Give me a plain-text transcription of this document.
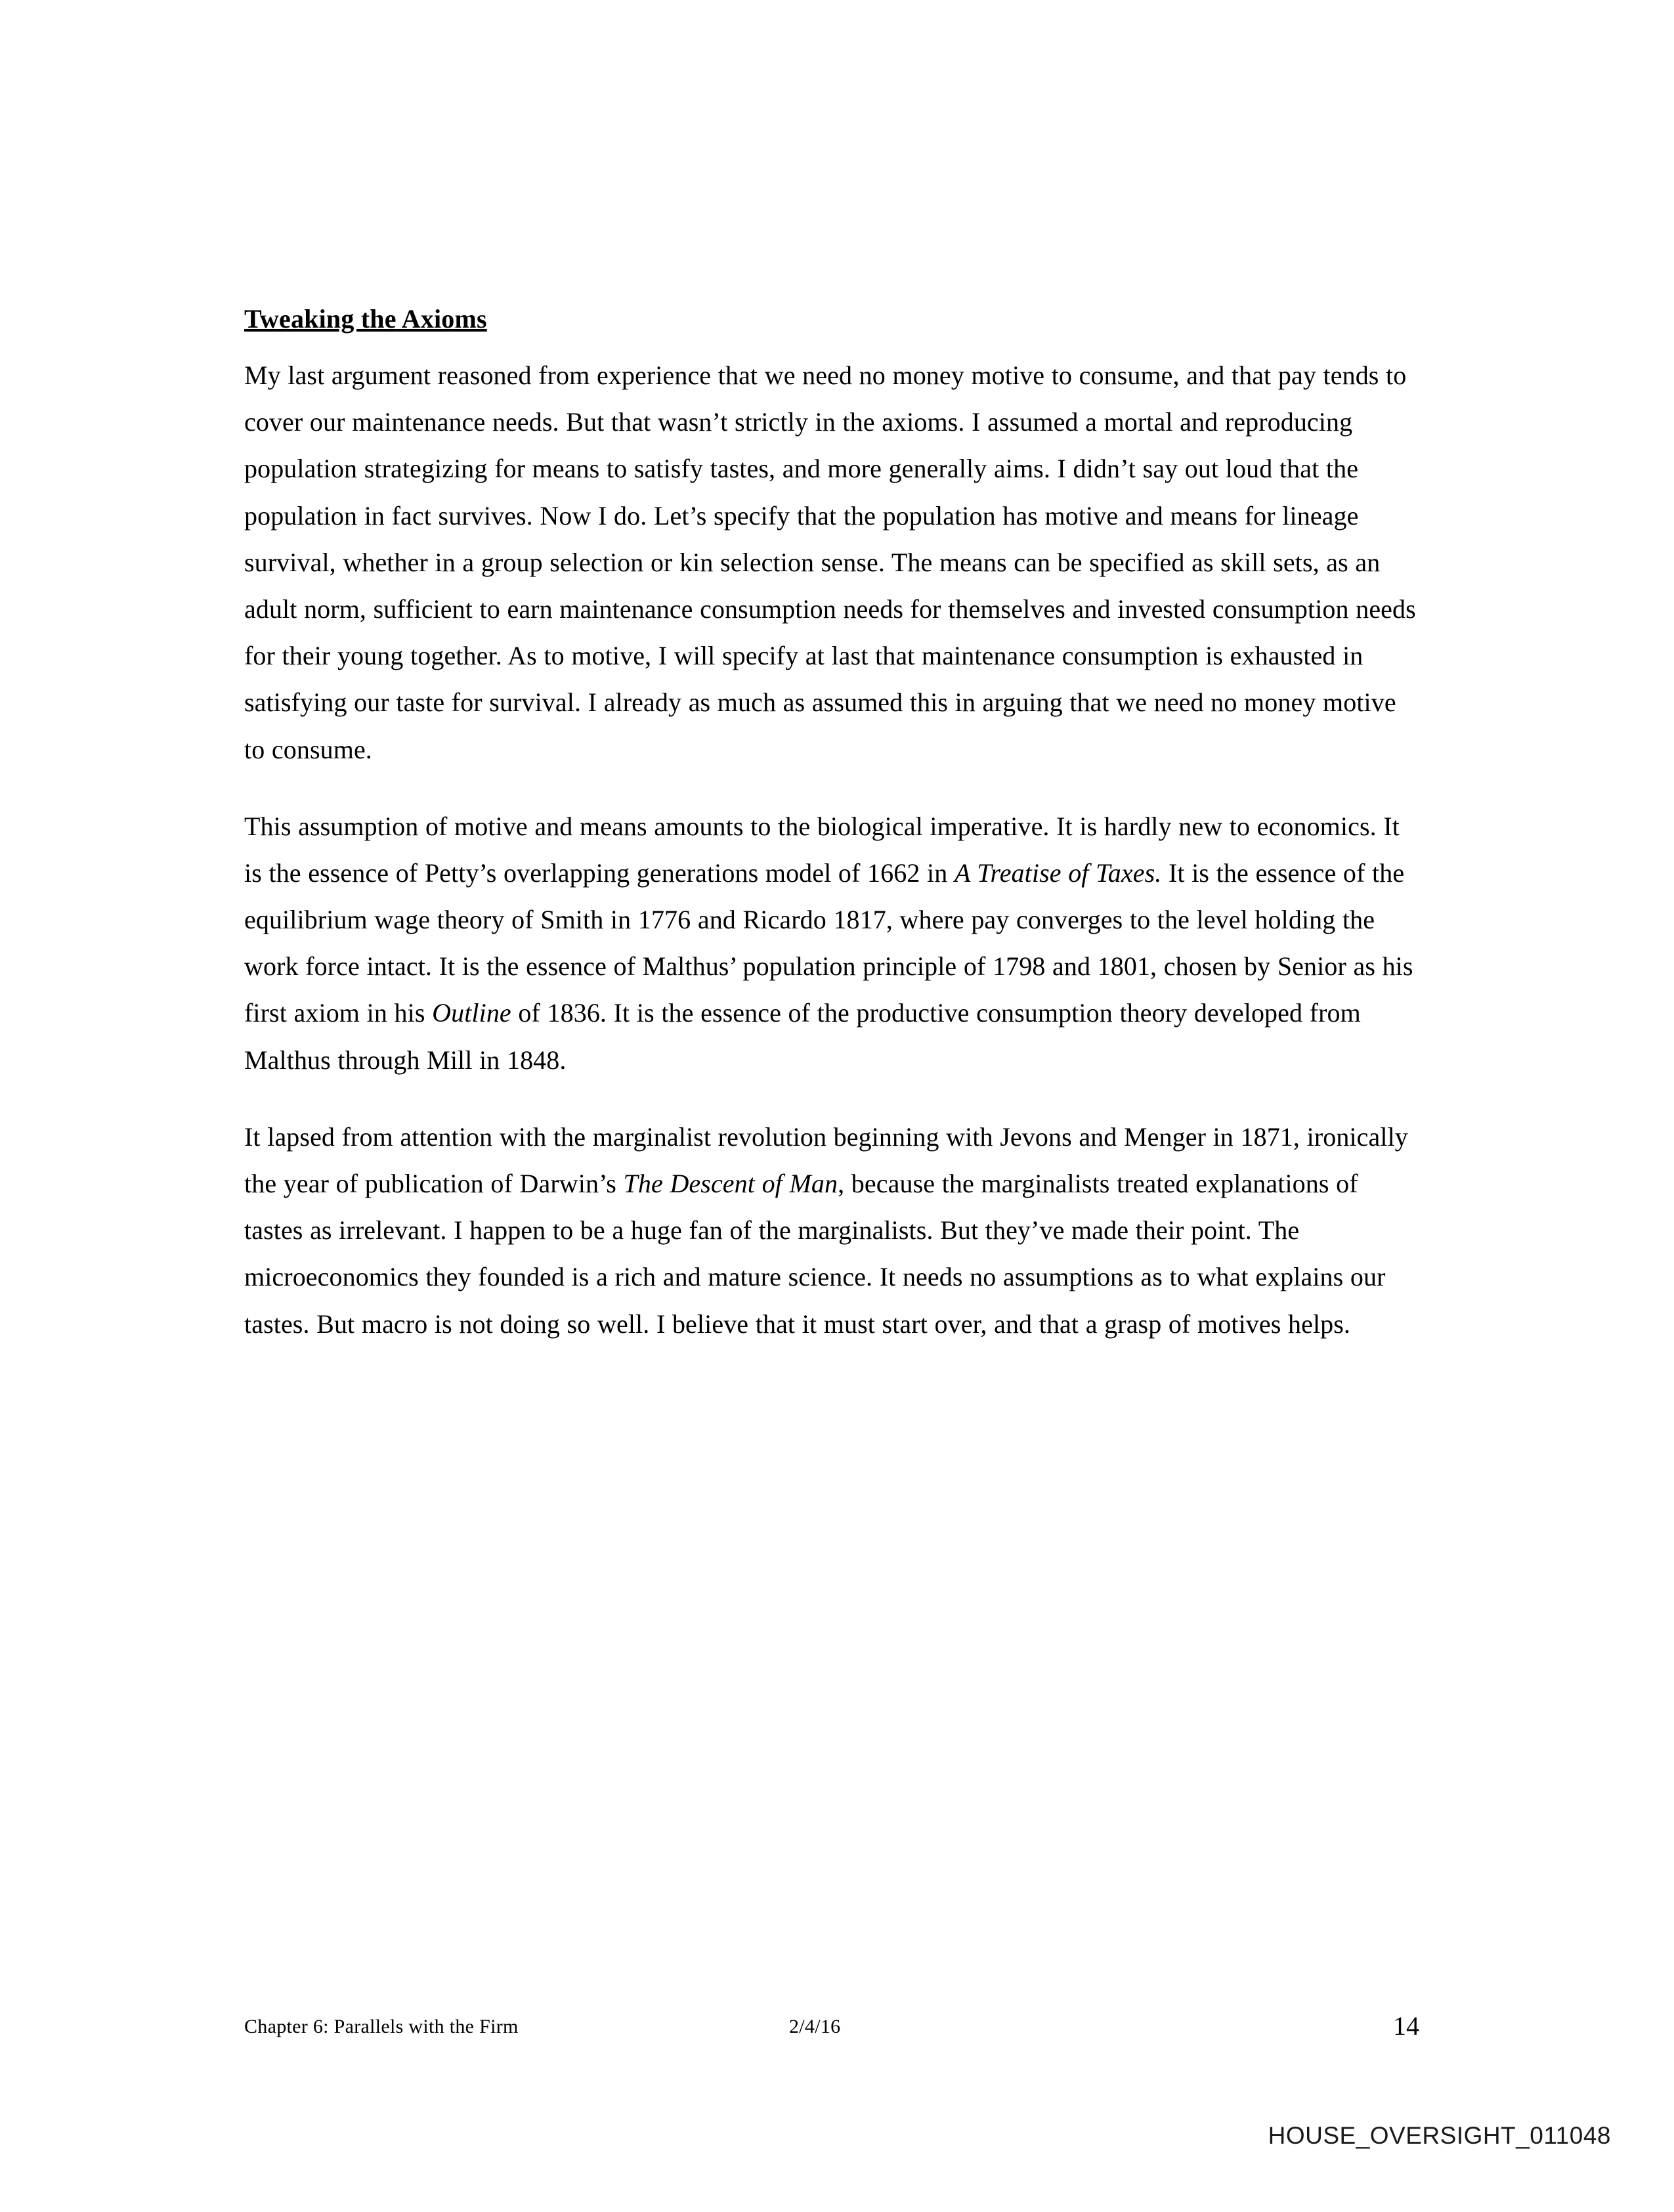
Tweaking the Axioms

My last argument reasoned from experience that we need no money motive to consume, and that pay tends to cover our maintenance needs. But that wasn’t strictly in the axioms. I assumed a mortal and reproducing population strategizing for means to satisfy tastes, and more generally aims. I didn’t say out loud that the population in fact survives. Now I do. Let’s specify that the population has motive and means for lineage survival, whether in a group selection or kin selection sense. The means can be specified as skill sets, as an adult norm, sufficient to earn maintenance consumption needs for themselves and invested consumption needs for their young together. As to motive, I will specify at last that maintenance consumption is exhausted in satisfying our taste for survival. I already as much as assumed this in arguing that we need no money motive to consume.

This assumption of motive and means amounts to the biological imperative. It is hardly new to economics. It is the essence of Petty’s overlapping generations model of 1662 in A Treatise of Taxes. It is the essence of the equilibrium wage theory of Smith in 1776 and Ricardo 1817, where pay converges to the level holding the work force intact. It is the essence of Malthus’ population principle of 1798 and 1801, chosen by Senior as his first axiom in his Outline of 1836. It is the essence of the productive consumption theory developed from Malthus through Mill in 1848.

It lapsed from attention with the marginalist revolution beginning with Jevons and Menger in 1871, ironically the year of publication of Darwin’s The Descent of Man, because the marginalists treated explanations of tastes as irrelevant. I happen to be a huge fan of the marginalists. But they’ve made their point. The microeconomics they founded is a rich and mature science. It needs no assumptions as to what explains our tastes. But macro is not doing so well. I believe that it must start over, and that a grasp of motives helps.

Chapter 6: Parallels with the Firm	2/4/16	14
HOUSE_OVERSIGHT_011048
